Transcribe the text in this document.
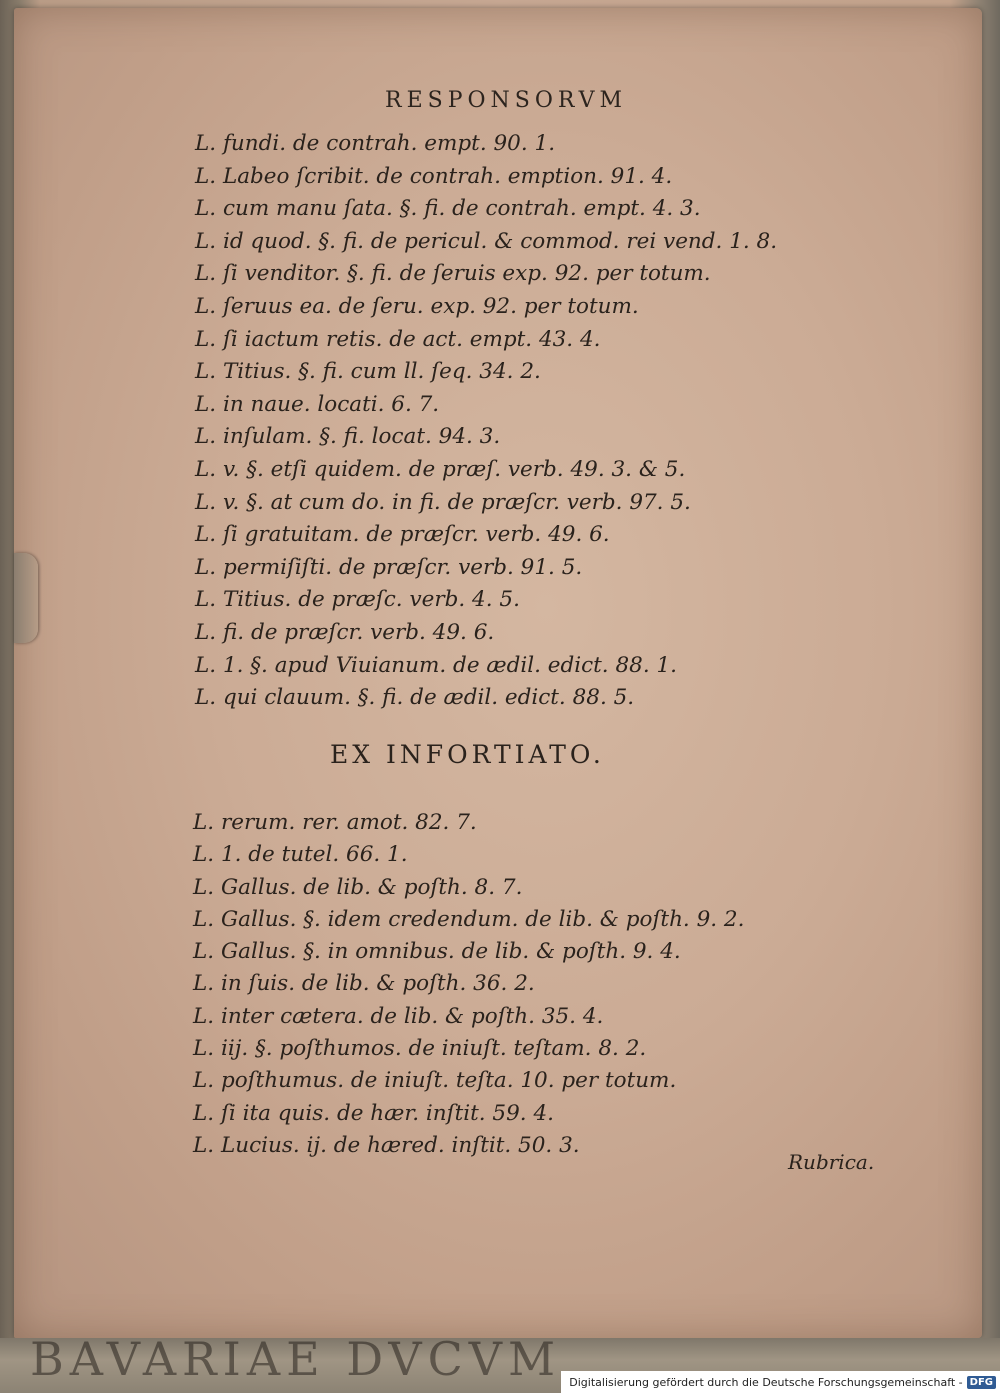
BAVARIAE DVCVM
RESPONSORVM
L. fundi. de contrah. empt. 90. 1.
L. Labeo ſcribit. de contrah. emption. 91. 4.
L. cum manu ſata. §. fi. de contrah. empt. 4. 3.
L. id quod. §. fi. de pericul. & commod. rei vend. 1. 8.
L. ſi venditor. §. fi. de ſeruis exp. 92. per totum.
L. ſeruus ea. de ſeru. exp. 92. per totum.
L. ſi iactum retis. de act. empt. 43. 4.
L. Titius. §. fi. cum ll. ſeq. 34. 2.
L. in naue. locati. 6. 7.
L. inſulam. §. fi. locat. 94. 3.
L. v. §. etſi quidem. de præſ. verb. 49. 3. & 5.
L. v. §. at cum do. in fi. de præſcr. verb. 97. 5.
L. ſi gratuitam. de præſcr. verb. 49. 6.
L. permiſiſti. de præſcr. verb. 91. 5.
L. Titius. de præſc. verb. 4. 5.
L. fi. de præſcr. verb. 49. 6.
L. 1. §. apud Viuianum. de ædil. edict. 88. 1.
L. qui clauum. §. fi. de ædil. edict. 88. 5.
EX INFORTIATO.
L. rerum. rer. amot. 82. 7.
L. 1. de tutel. 66. 1.
L. Gallus. de lib. & poſth. 8. 7.
L. Gallus. §. idem credendum. de lib. & poſth. 9. 2.
L. Gallus. §. in omnibus. de lib. & poſth. 9. 4.
L. in ſuis. de lib. & poſth. 36. 2.
L. inter cætera. de lib. & poſth. 35. 4.
L. iij. §. poſthumos. de iniuſt. teſtam. 8. 2.
L. poſthumus. de iniuſt. teſta. 10. per totum.
L. ſi ita quis. de hær. inſtit. 59. 4.
L. Lucius. ij. de hæred. inſtit. 50. 3.
Rubrica.
Digitalisierung gefördert durch die Deutsche Forschungsgemeinschaft - DFG
